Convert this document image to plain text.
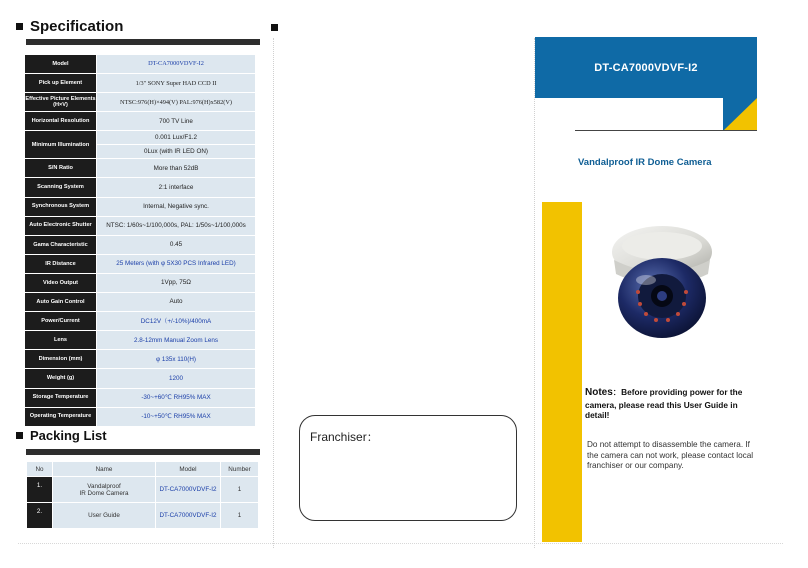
Specification
Model	DT-CA7000VDVF-I2
Pick up Element	1/3" SONY Super HAD CCD II
Effective Picture Elements (H×V)	NTSC:976(H)×494(V) PAL:976(H)x582(V)
Horizontal Resolution	700 TV Line
Minimum Illumination	0.001 Lux/F1.2
	0Lux (with IR LED ON)
S/N Ratio	More than 52dB
Scanning System	2:1 interface
Synchronous System	Internal, Negative sync.
Auto Electronic Shutter	NTSC: 1/60s~1/100,000s, PAL: 1/50s~1/100,000s
Gama Characteristic	0.45
IR Distance	25 Meters (with φ 5X30 PCS Infrared LED)
Video Output	1Vpp, 75Ω
Auto Gain Control	Auto
Power/Current	DC12V（+/-10%)/400mA
Lens	2.8-12mm Manual Zoom Lens
Dimension (mm)	φ 135x 110(H)
Weight (g)	1200
Storage Temperature	-30~+60℃ RH95% MAX
Operating Temperature	-10~+50℃ RH95% MAX
Packing List
No	Name	Model	Number
1.	Vandalproof
IR Dome Camera	DT-CA7000VDVF-I2	1
2.	User Guide	DT-CA7000VDVF-I2	1
Franchiser：
DT-CA7000VDVF-I2
Vandalproof IR Dome Camera
Notes：Before providing power for the camera, please read this User Guide in detail!
Do not attempt to disassemble the camera. If the camera can not work, please contact local franchiser or our company.
